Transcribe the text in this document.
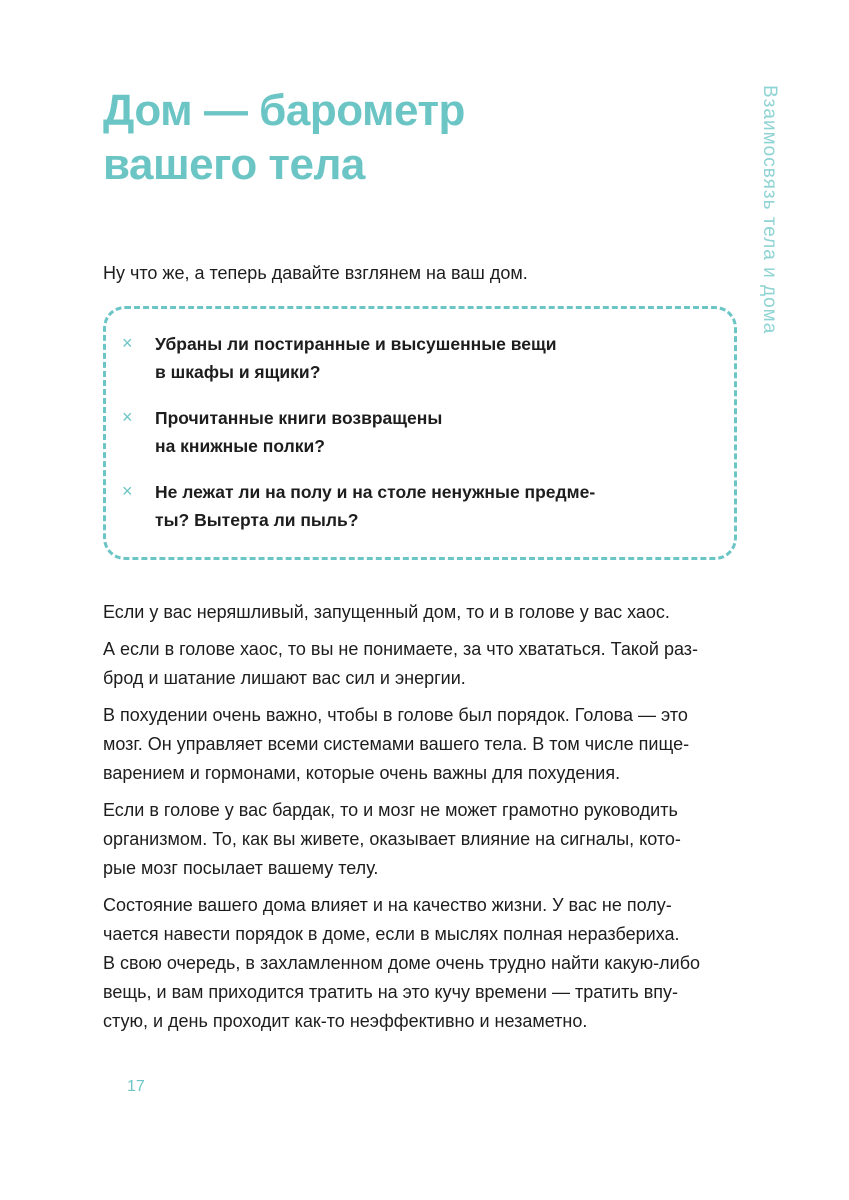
Дом — барометр
вашего тела	Взаимосвязь тела и дома
Ну что же, а теперь давайте взглянем на ваш дом.
×	Убраны ли постиранные и высушенные вещи
в шкафы и ящики?
×	Прочитанные книги возвращены
на книжные полки?
×	Не лежат ли на полу и на столе ненужные предме-
ты? Вытерта ли пыль?

Если у вас неряшливый, запущенный дом, то и в голове у вас хаос.

А если в голове хаос, то вы не понимаете, за что хвататься. Такой раз-
брод и шатание лишают вас сил и энергии.

В похудении очень важно, чтобы в голове был порядок. Голова — это
мозг. Он управляет всеми системами вашего тела. В том числе пище-
варением и гормонами, которые очень важны для похудения.

Если в голове у вас бардак, то и мозг не может грамотно руководить
организмом. То, как вы живете, оказывает влияние на сигналы, кото-
рые мозг посылает вашему телу.

Состояние вашего дома влияет и на качество жизни. У вас не полу-
чается навести порядок в доме, если в мыслях полная неразбериха.
В свою очередь, в захламленном доме очень трудно найти какую-либо
вещь, и вам приходится тратить на это кучу времени — тратить впу-
стую, и день проходит как-то неэффективно и незаметно.

17
